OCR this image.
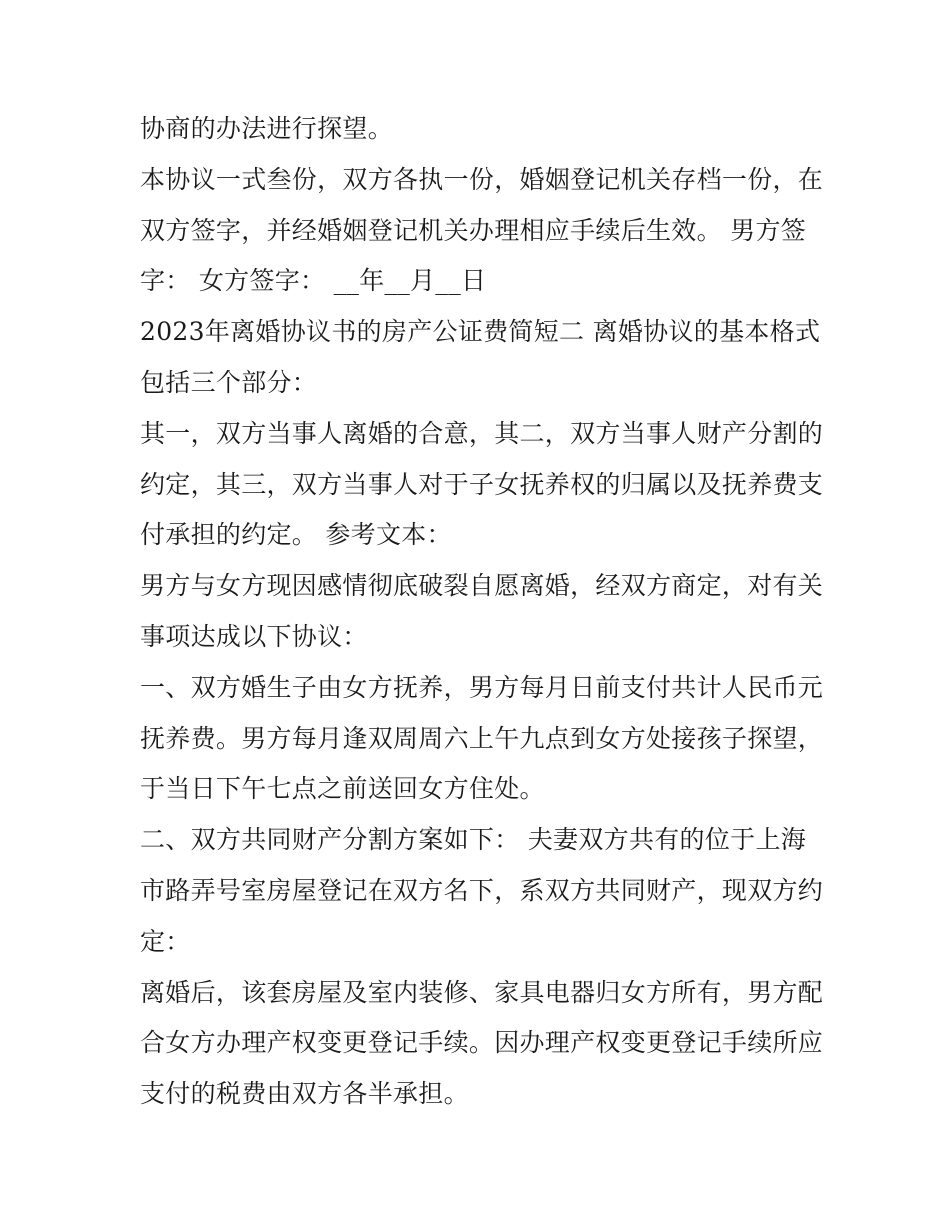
协商的办法进行探望。

本协议一式叁份，双方各执一份，婚姻登记机关存档一份，在双方签字，并经婚姻登记机关办理相应手续后生效。 男方签字： 女方签字： __年__月__日

2023年离婚协议书的房产公证费简短二 离婚协议的基本格式包括三个部分：

其一，双方当事人离婚的合意，其二，双方当事人财产分割的约定，其三，双方当事人对于子女抚养权的归属以及抚养费支付承担的约定。 参考文本：

男方与女方现因感情彻底破裂自愿离婚，经双方商定，对有关事项达成以下协议：

一、双方婚生子由女方抚养，男方每月日前支付共计人民币元抚养费。男方每月逢双周周六上午九点到女方处接孩子探望，于当日下午七点之前送回女方住处。

二、双方共同财产分割方案如下： 夫妻双方共有的位于上海市路弄号室房屋登记在双方名下，系双方共同财产，现双方约定：

离婚后，该套房屋及室内装修、家具电器归女方所有，男方配合女方办理产权变更登记手续。因办理产权变更登记手续所应支付的税费由双方各半承担。
